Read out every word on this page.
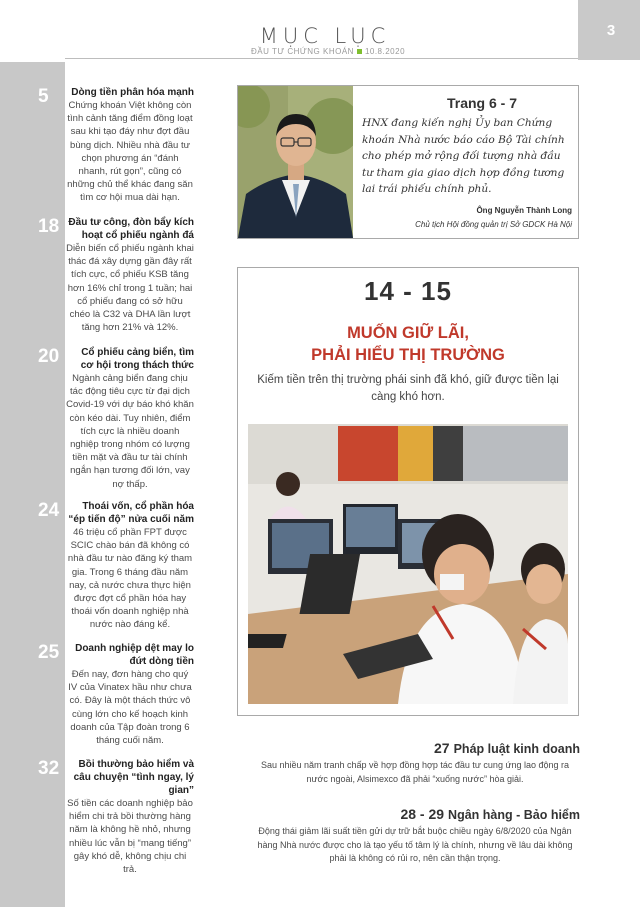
MỤC LỤC
ĐẦU TƯ CHỨNG KHOÁN 10.8.2020
3
5	Dòng tiền phân hóa mạnh
Chứng khoán Việt không còn tình cảnh tăng điểm đồng loạt sau khi tạo đáy như đợt đầu bùng dịch. Nhiều nhà đầu tư chọn phương án “đánh nhanh, rút gọn”, cũng có những chủ thể khác đang săn tìm cơ hội mua dài hạn.
18 Đầu tư công, đòn bẩy kích hoạt cổ phiếu ngành đá
Diễn biến cổ phiếu ngành khai thác đá xây dựng gần đây rất tích cực, cổ phiếu KSB tăng hơn 16% chỉ trong 1 tuần; hai cổ phiếu đang có sở hữu chéo là C32 và DHA lần lượt tăng hơn 21% và 12%.
20	Cổ phiếu cảng biển, tìm cơ hội trong thách thức
Ngành cảng biển đang chịu tác động tiêu cực từ đại dịch Covid-19 với dự báo khó khăn còn kéo dài. Tuy nhiên, điểm tích cực là nhiều doanh nghiệp trong nhóm có lượng tiền mặt và đầu tư tài chính ngắn hạn tương đối lớn, vay nợ thấp.
24	Thoái vốn, cổ phần hóa “ép tiến độ” nửa cuối năm
46 triệu cổ phần FPT được SCIC chào bán đã không có nhà đầu tư nào đăng ký tham gia. Trong 6 tháng đầu năm nay, cả nước chưa thực hiện được đợt cổ phần hóa hay thoái vốn doanh nghiệp nhà nước nào đáng kể.
25	Doanh nghiệp dệt may lo đứt dòng tiền
Đến nay, đơn hàng cho quý IV của Vinatex hầu như chưa có. Đây là một thách thức vô cùng lớn cho kế hoạch kinh doanh của Tập đoàn trong 6 tháng cuối năm.
32	Bồi thường bảo hiểm và câu chuyện “tình ngay, lý gian”
Số tiền các doanh nghiệp bảo hiểm chi trả bồi thường hàng năm là không hề nhỏ, nhưng nhiều lúc vẫn bị “mang tiếng” gây khó dễ, không chịu chi trả.
Trang 6 - 7
HNX đang kiến nghị Ủy ban Chứng khoán Nhà nước báo cáo Bộ Tài chính cho phép mở rộng đối tượng nhà đầu tư tham gia giao dịch hợp đồng tương lai trái phiếu chính phủ.
Ông Nguyễn Thành Long
Chủ tịch Hội đồng quản trị Sở GDCK Hà Nội
14 - 15
MUỐN GIỮ LÃI,
PHẢI HIỂU THỊ TRƯỜNG
Kiếm tiền trên thị trường phái sinh đã khó, giữ được tiền lại càng khó hơn.
27 Pháp luật kinh doanh
Sau nhiều năm tranh chấp về hợp đồng hợp tác đầu tư cung ứng lao động ra nước ngoài, Alsimexco đã phải “xuống nước” hòa giải.
28 - 29 Ngân hàng - Bảo hiểm
Động thái giảm lãi suất tiền gửi dự trữ bắt buộc chiều ngày 6/8/2020 của Ngân hàng Nhà nước được cho là tạo yếu tố tâm lý là chính, nhưng về lâu dài không phải là không có rủi ro, nên cần thận trọng.
